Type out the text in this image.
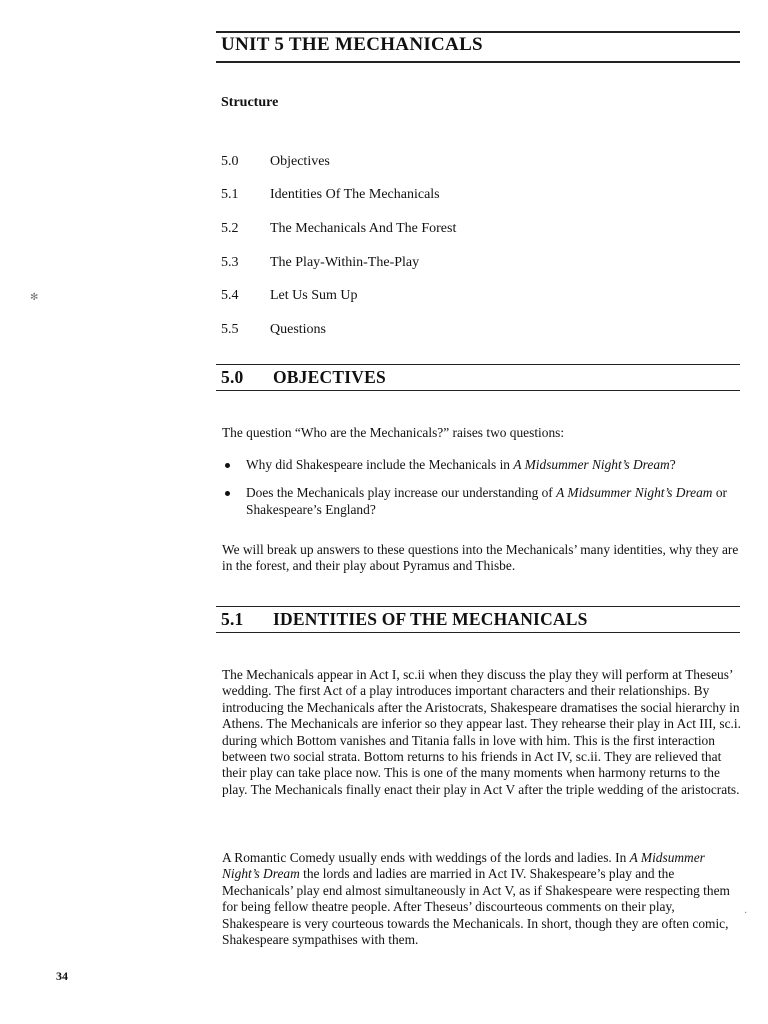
UNIT 5 THE MECHANICALS
Structure
5.0	Objectives
5.1	Identities Of The Mechanicals
5.2	The Mechanicals And The Forest
5.3	The Play-Within-The-Play
5.4	Let Us Sum Up
5.5	Questions
5.0 OBJECTIVES

The question “Who are the Mechanicals?” raises two questions:

Why did Shakespeare include the Mechanicals in A Midsummer Night’s Dream?
Does the Mechanicals play increase our understanding of A Midsummer Night’s Dream or Shakespeare’s England?

We will break up answers to these questions into the Mechanicals’ many identities, why they are in the forest, and their play about Pyramus and Thisbe.

5.1 IDENTITIES OF THE MECHANICALS

The Mechanicals appear in Act I, sc.ii when they discuss the play they will perform at Theseus’ wedding. The first Act of a play introduces important characters and their relationships. By introducing the Mechanicals after the Aristocrats, Shakespeare dramatises the social hierarchy in Athens. The Mechanicals are inferior so they appear last. They rehearse their play in Act III, sc.i. during which Bottom vanishes and Titania falls in love with him. This is the first interaction between two social strata. Bottom returns to his friends in Act IV, sc.ii. They are relieved that their play can take place now. This is one of the many moments when harmony returns to the play. The Mechanicals finally enact their play in Act V after the triple wedding of the aristocrats.

A Romantic Comedy usually ends with weddings of the lords and ladies. In A Midsummer Night’s Dream the lords and ladies are married in Act IV. Shakespeare’s play and the Mechanicals’ play end almost simultaneously in Act V, as if Shakespeare were respecting them for being fellow theatre people. After Theseus’ discourteous comments on their play, Shakespeare is very courteous towards the Mechanicals. In short, though they are often comic, Shakespeare sympathises with them.

34
✻
·
